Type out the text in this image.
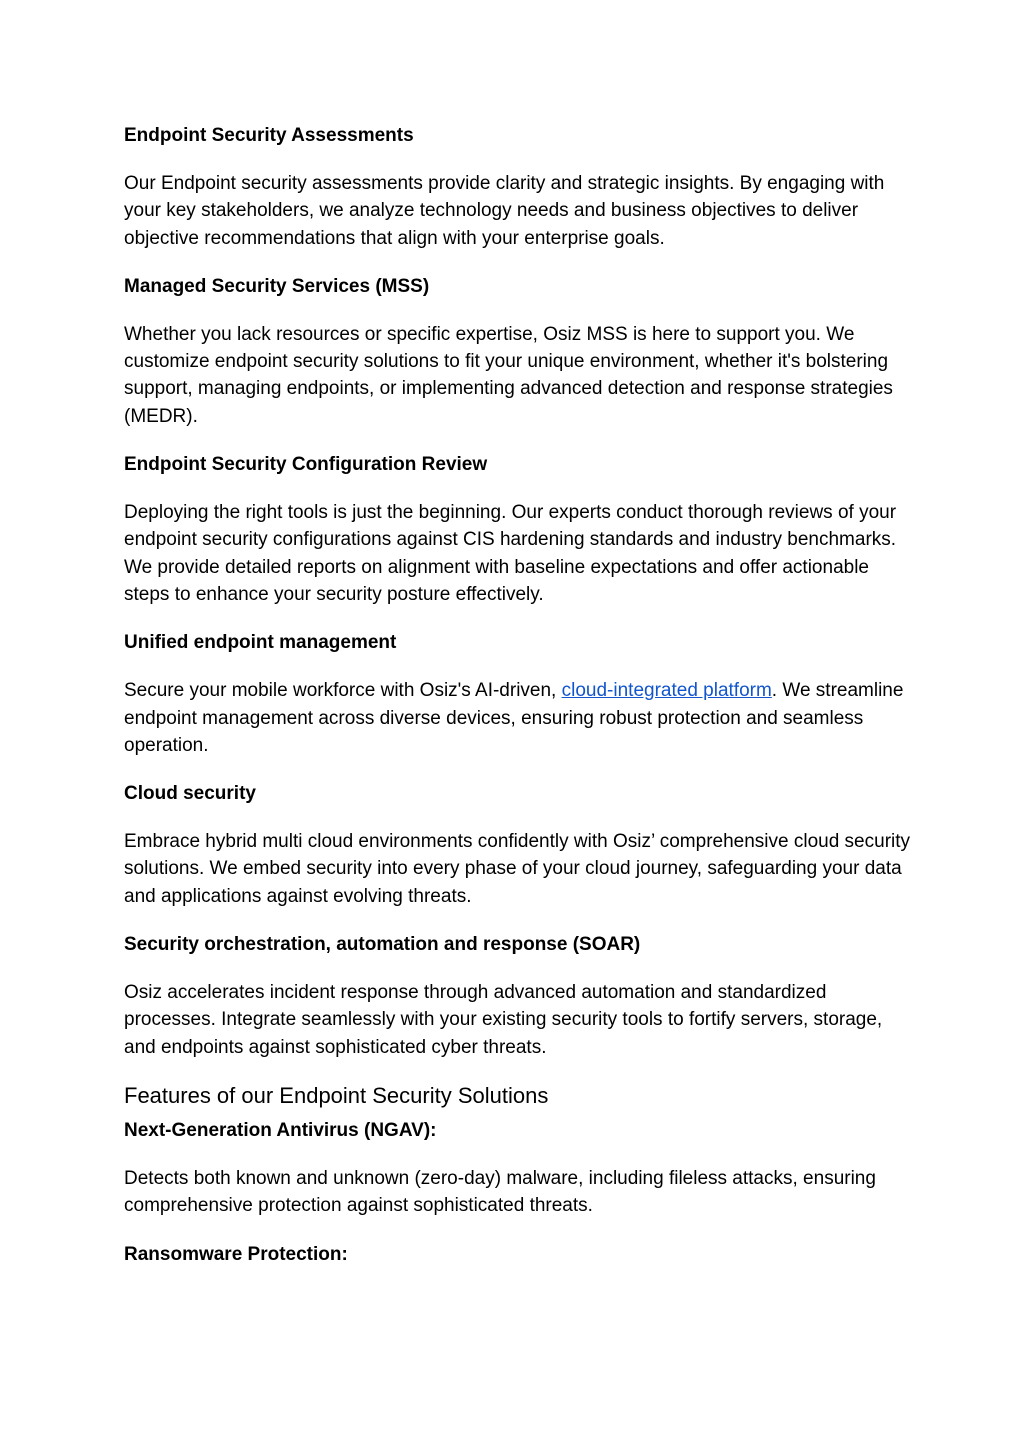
Endpoint Security Assessments
Our Endpoint security assessments provide clarity and strategic insights. By engaging with your key stakeholders, we analyze technology needs and business objectives to deliver objective recommendations that align with your enterprise goals.
Managed Security Services (MSS)
Whether you lack resources or specific expertise, Osiz MSS is here to support you. We customize endpoint security solutions to fit your unique environment, whether it's bolstering support, managing endpoints, or implementing advanced detection and response strategies (MEDR).
Endpoint Security Configuration Review
Deploying the right tools is just the beginning. Our experts conduct thorough reviews of your endpoint security configurations against CIS hardening standards and industry benchmarks. We provide detailed reports on alignment with baseline expectations and offer actionable steps to enhance your security posture effectively.
Unified endpoint management
Secure your mobile workforce with Osiz's AI-driven, cloud-integrated platform. We streamline endpoint management across diverse devices, ensuring robust protection and seamless operation.
Cloud security
Embrace hybrid multi cloud environments confidently with Osiz’ comprehensive cloud security solutions. We embed security into every phase of your cloud journey, safeguarding your data and applications against evolving threats.
Security orchestration, automation and response (SOAR)
Osiz accelerates incident response through advanced automation and standardized processes. Integrate seamlessly with your existing security tools to fortify servers, storage, and endpoints against sophisticated cyber threats.
Features of our Endpoint Security Solutions
Next-Generation Antivirus (NGAV):
Detects both known and unknown (zero-day) malware, including fileless attacks, ensuring comprehensive protection against sophisticated threats.
Ransomware Protection:
